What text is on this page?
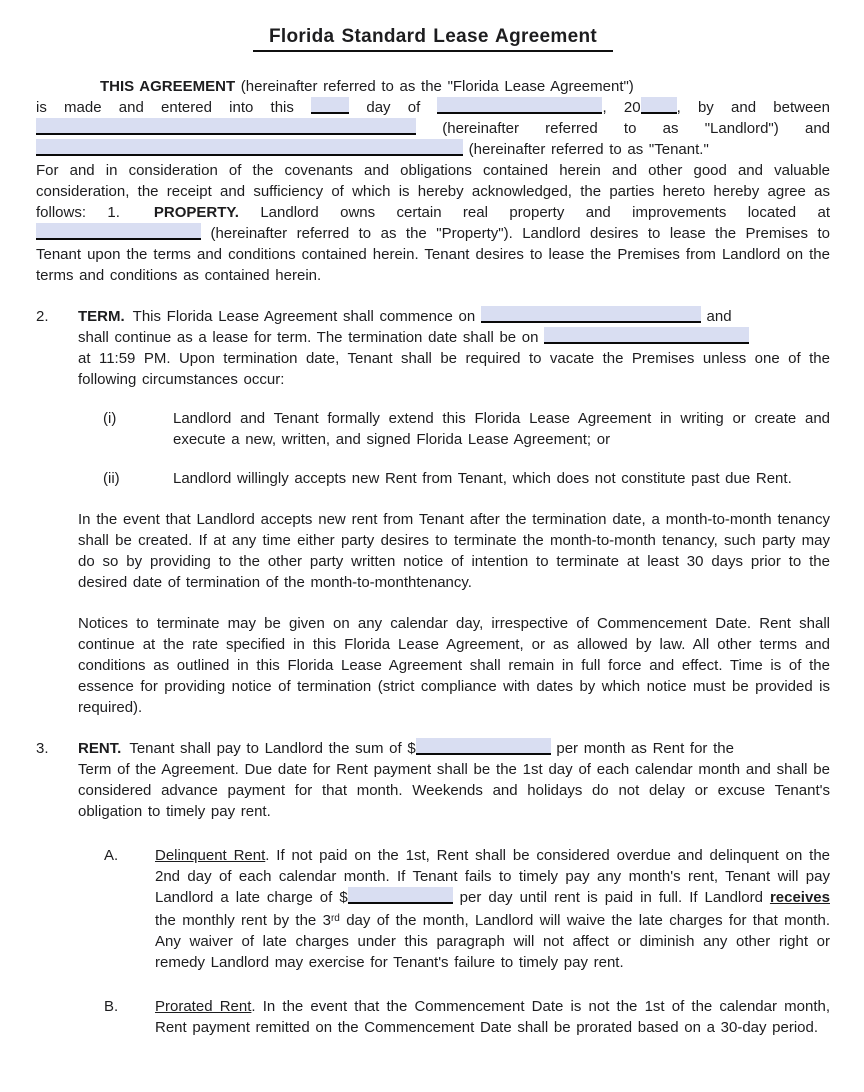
Florida Standard Lease Agreement
THIS AGREEMENT (hereinafter referred to as the "Florida Lease Agreement")
is made and entered into this	day of	, 20 , by and between  (hereinafter referred to as "Landlord") and  (hereinafter referred to as "Tenant."
For and in consideration of the covenants and obligations contained herein and other good and valuable consideration, the receipt and sufficiency of which is hereby acknowledged, the parties hereto hereby agree as follows: 1. PROPERTY. Landlord owns certain real property and improvements located at  (hereinafter referred to as the "Property"). Landlord desires to lease the Premises to Tenant upon the terms and conditions contained herein. Tenant desires to lease the Premises from Landlord on the terms and conditions as contained herein.
2. TERM. This Florida Lease Agreement shall commence on	and
shall continue as a lease for term. The termination date shall be on
at 11:59 PM. Upon termination date, Tenant shall be required to vacate the Premises unless one of the following circumstances occur:
(i)	Landlord and Tenant formally extend this Florida Lease Agreement in writing or create and execute a new, written, and signed Florida Lease Agreement; or
(ii)	Landlord willingly accepts new Rent from Tenant, which does not constitute past due Rent.
In the event that Landlord accepts new rent from Tenant after the termination date, a month-to-month tenancy shall be created. If at any time either party desires to terminate the month-to-month tenancy, such party may do so by providing to the other party written notice of intention to terminate at least 30 days prior to the desired date of termination of the month-to-monthtenancy.
Notices to terminate may be given on any calendar day, irrespective of Commencement Date. Rent shall continue at the rate specified in this Florida Lease Agreement, or as allowed by law. All other terms and conditions as outlined in this Florida Lease Agreement shall remain in full force and effect. Time is of the essence for providing notice of termination (strict compliance with dates by which notice must be provided is required).
3. RENT. Tenant shall pay to Landlord the sum of $	per month as Rent for the
Term of the Agreement. Due date for Rent payment shall be the 1st day of each calendar month and shall be considered advance payment for that month. Weekends and holidays do not delay or excuse Tenant's obligation to timely pay rent.
A. Delinquent Rent. If not paid on the 1st, Rent shall be considered overdue and delinquent on the 2nd day of each calendar month. If Tenant fails to timely pay any month's rent, Tenant will pay Landlord a late charge of $	per day until rent is paid in full. If Landlord receives the monthly rent by the 3rd day of the month, Landlord will waive the late charges for that month. Any waiver of late charges under this paragraph will not affect or diminish any other right or remedy Landlord may exercise for Tenant's failure to timely pay rent.
B. Prorated Rent. In the event that the Commencement Date is not the 1st of the calendar month, Rent payment remitted on the Commencement Date shall be prorated based on a 30-day period.
